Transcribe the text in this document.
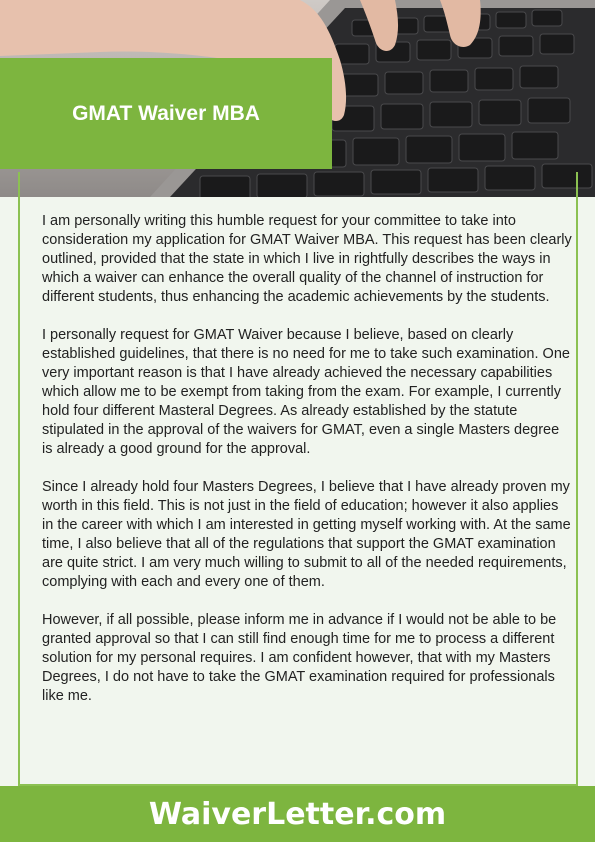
GMAT Waiver MBA

I am personally writing this humble request for your committee to take into consideration my application for GMAT Waiver MBA. This request has been clearly outlined, provided that the state in which I live in rightfully describes the ways in which a waiver can enhance the overall quality of the channel of instruction for different students, thus enhancing the academic achievements by the students.

I personally request for GMAT Waiver because I believe, based on clearly established guidelines, that there is no need for me to take such examination. One very important reason is that I have already achieved the necessary capabilities which allow me to be exempt from taking from the exam. For example, I currently hold four different Masteral Degrees. As already established by the statute stipulated in the approval of the waivers for GMAT, even a single Masters degree is already a good ground for the approval.

Since I already hold four Masters Degrees, I believe that I have already proven my worth in this field. This is not just in the field of education; however it also applies in the career with which I am interested in getting myself working with. At the same time, I also believe that all of the regulations that support the GMAT examination are quite strict. I am very much willing to submit to all of the needed requirements, complying with each and every one of them.

However, if all possible, please inform me in advance if I would not be able to be granted approval so that I can still find enough time for me to process a different solution for my personal requires. I am confident however, that with my Masters Degrees, I do not have to take the GMAT examination required for professionals like me.

WaiverLetter.com
